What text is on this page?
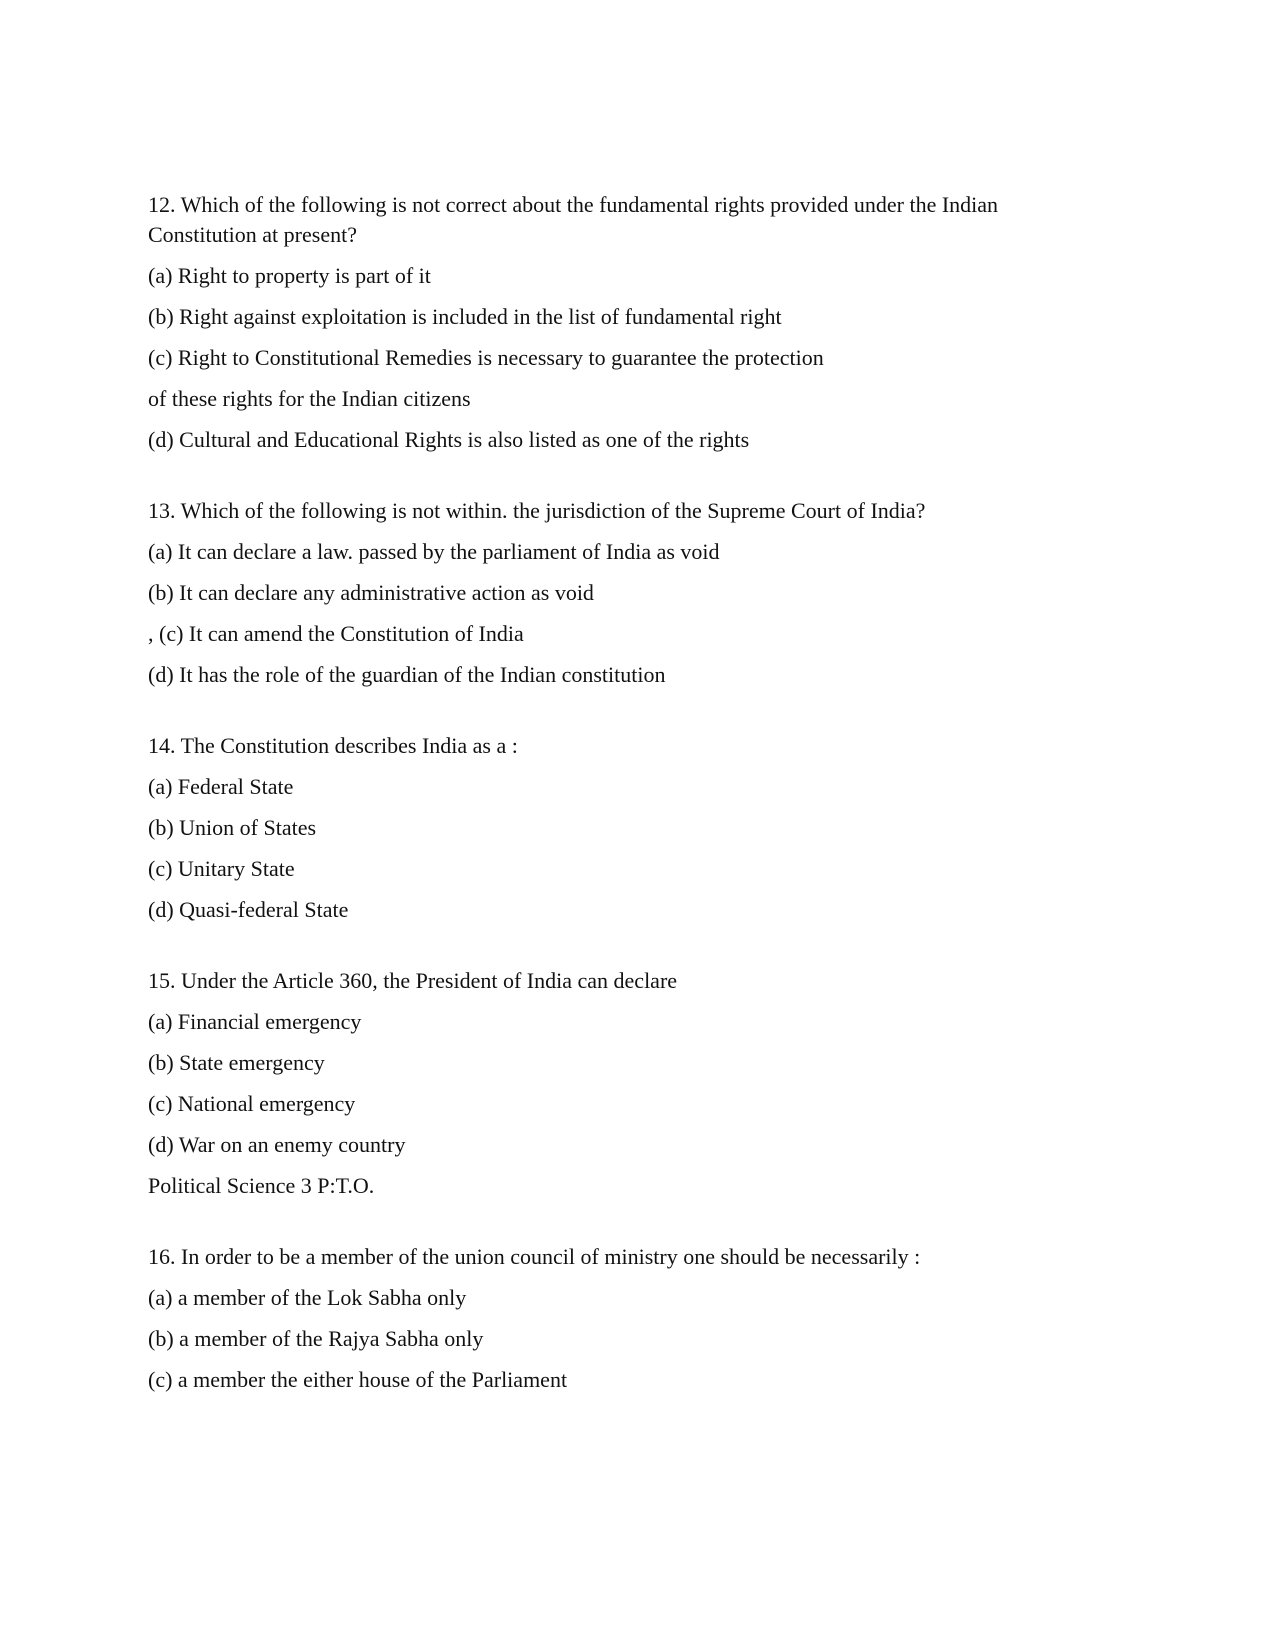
12. Which of the following is not correct about the fundamental rights provided under the Indian
Constitution at present?
(a) Right to property is part of it
(b) Right against exploitation is included in the list of fundamental right
(c) Right to Constitutional Remedies is necessary to guarantee the protection
of these rights for the Indian citizens
(d) Cultural and Educational Rights is also listed as one of the rights
13. Which of the following is not within. the jurisdiction of the Supreme Court of India?
(a) It can declare a law. passed by the parliament of India as void
(b) It can declare any administrative action as void
, (c) It can amend the Constitution of India
(d) It has the role of the guardian of the Indian constitution
14. The Constitution describes India as a :
(a) Federal State
(b) Union of States
(c) Unitary State
(d) Quasi-federal State
15. Under the Article 360, the President of India can declare
(a) Financial emergency
(b) State emergency
(c) National emergency
(d) War on an enemy country
Political Science 3 P:T.O.
16. In order to be a member of the union council of ministry one should be necessarily :
(a) a member of the Lok Sabha only
(b) a member of the Rajya Sabha only
(c) a member the either house of the Parliament
